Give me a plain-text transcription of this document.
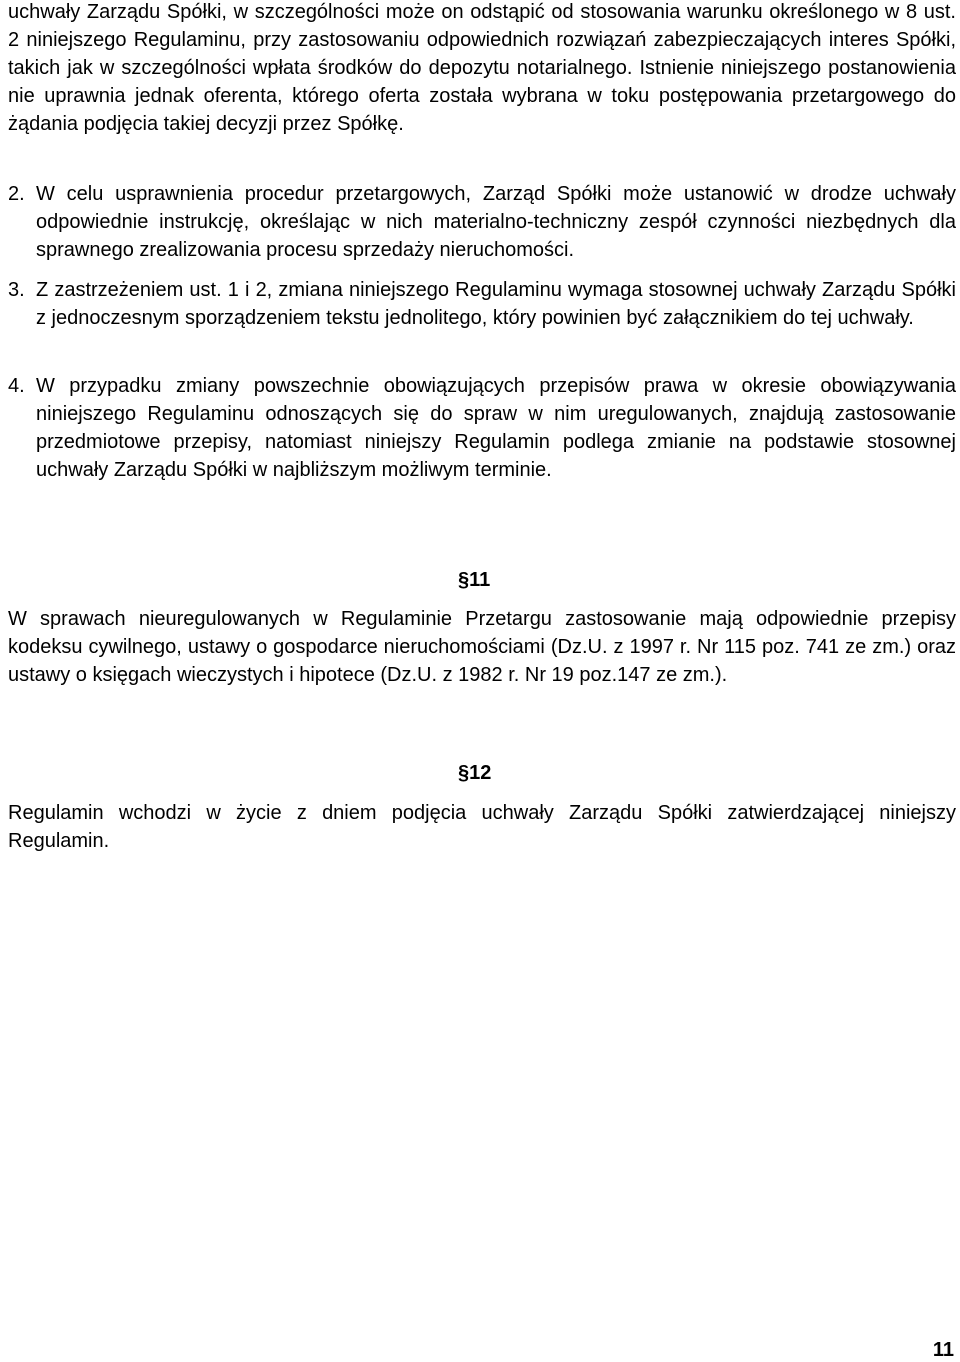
uchwały Zarządu Spółki, w szczególności może on odstąpić od stosowania warunku określonego w 8 ust. 2 niniejszego Regulaminu, przy zastosowaniu odpowiednich rozwiązań zabezpieczających interes Spółki, takich jak w szczególności wpłata środków do depozytu notarialnego. Istnienie niniejszego postanowienia nie uprawnia jednak oferenta, którego oferta została wybrana w toku postępowania przetargowego do żądania podjęcia takiej decyzji przez Spółkę.

2. W celu usprawnienia procedur przetargowych, Zarząd Spółki może ustanowić w drodze uchwały odpowiednie instrukcję, określając w nich materialno-techniczny zespół czynności niezbędnych dla sprawnego zrealizowania procesu sprzedaży nieruchomości.
3. Z zastrzeżeniem ust. 1 i 2, zmiana niniejszego Regulaminu wymaga stosownej uchwały Zarządu Spółki z jednoczesnym sporządzeniem tekstu jednolitego, który powinien być załącznikiem do tej uchwały.
4. W przypadku zmiany powszechnie obowiązujących przepisów prawa w okresie obowiązywania niniejszego Regulaminu odnoszących się do spraw w nim uregulowanych, znajdują zastosowanie przedmiotowe przepisy, natomiast niniejszy Regulamin podlega zmianie na podstawie stosownej uchwały Zarządu Spółki w najbliższym możliwym terminie.
§11

W sprawach nieuregulowanych w Regulaminie Przetargu zastosowanie mają odpowiednie przepisy kodeksu cywilnego, ustawy o gospodarce nieruchomościami (Dz.U. z 1997 r. Nr 115 poz. 741 ze zm.) oraz ustawy o księgach wieczystych i hipotece (Dz.U. z 1982 r. Nr 19 poz.147 ze zm.).

§12

Regulamin wchodzi w życie z dniem podjęcia uchwały Zarządu Spółki zatwierdzającej niniejszy Regulamin.

11
